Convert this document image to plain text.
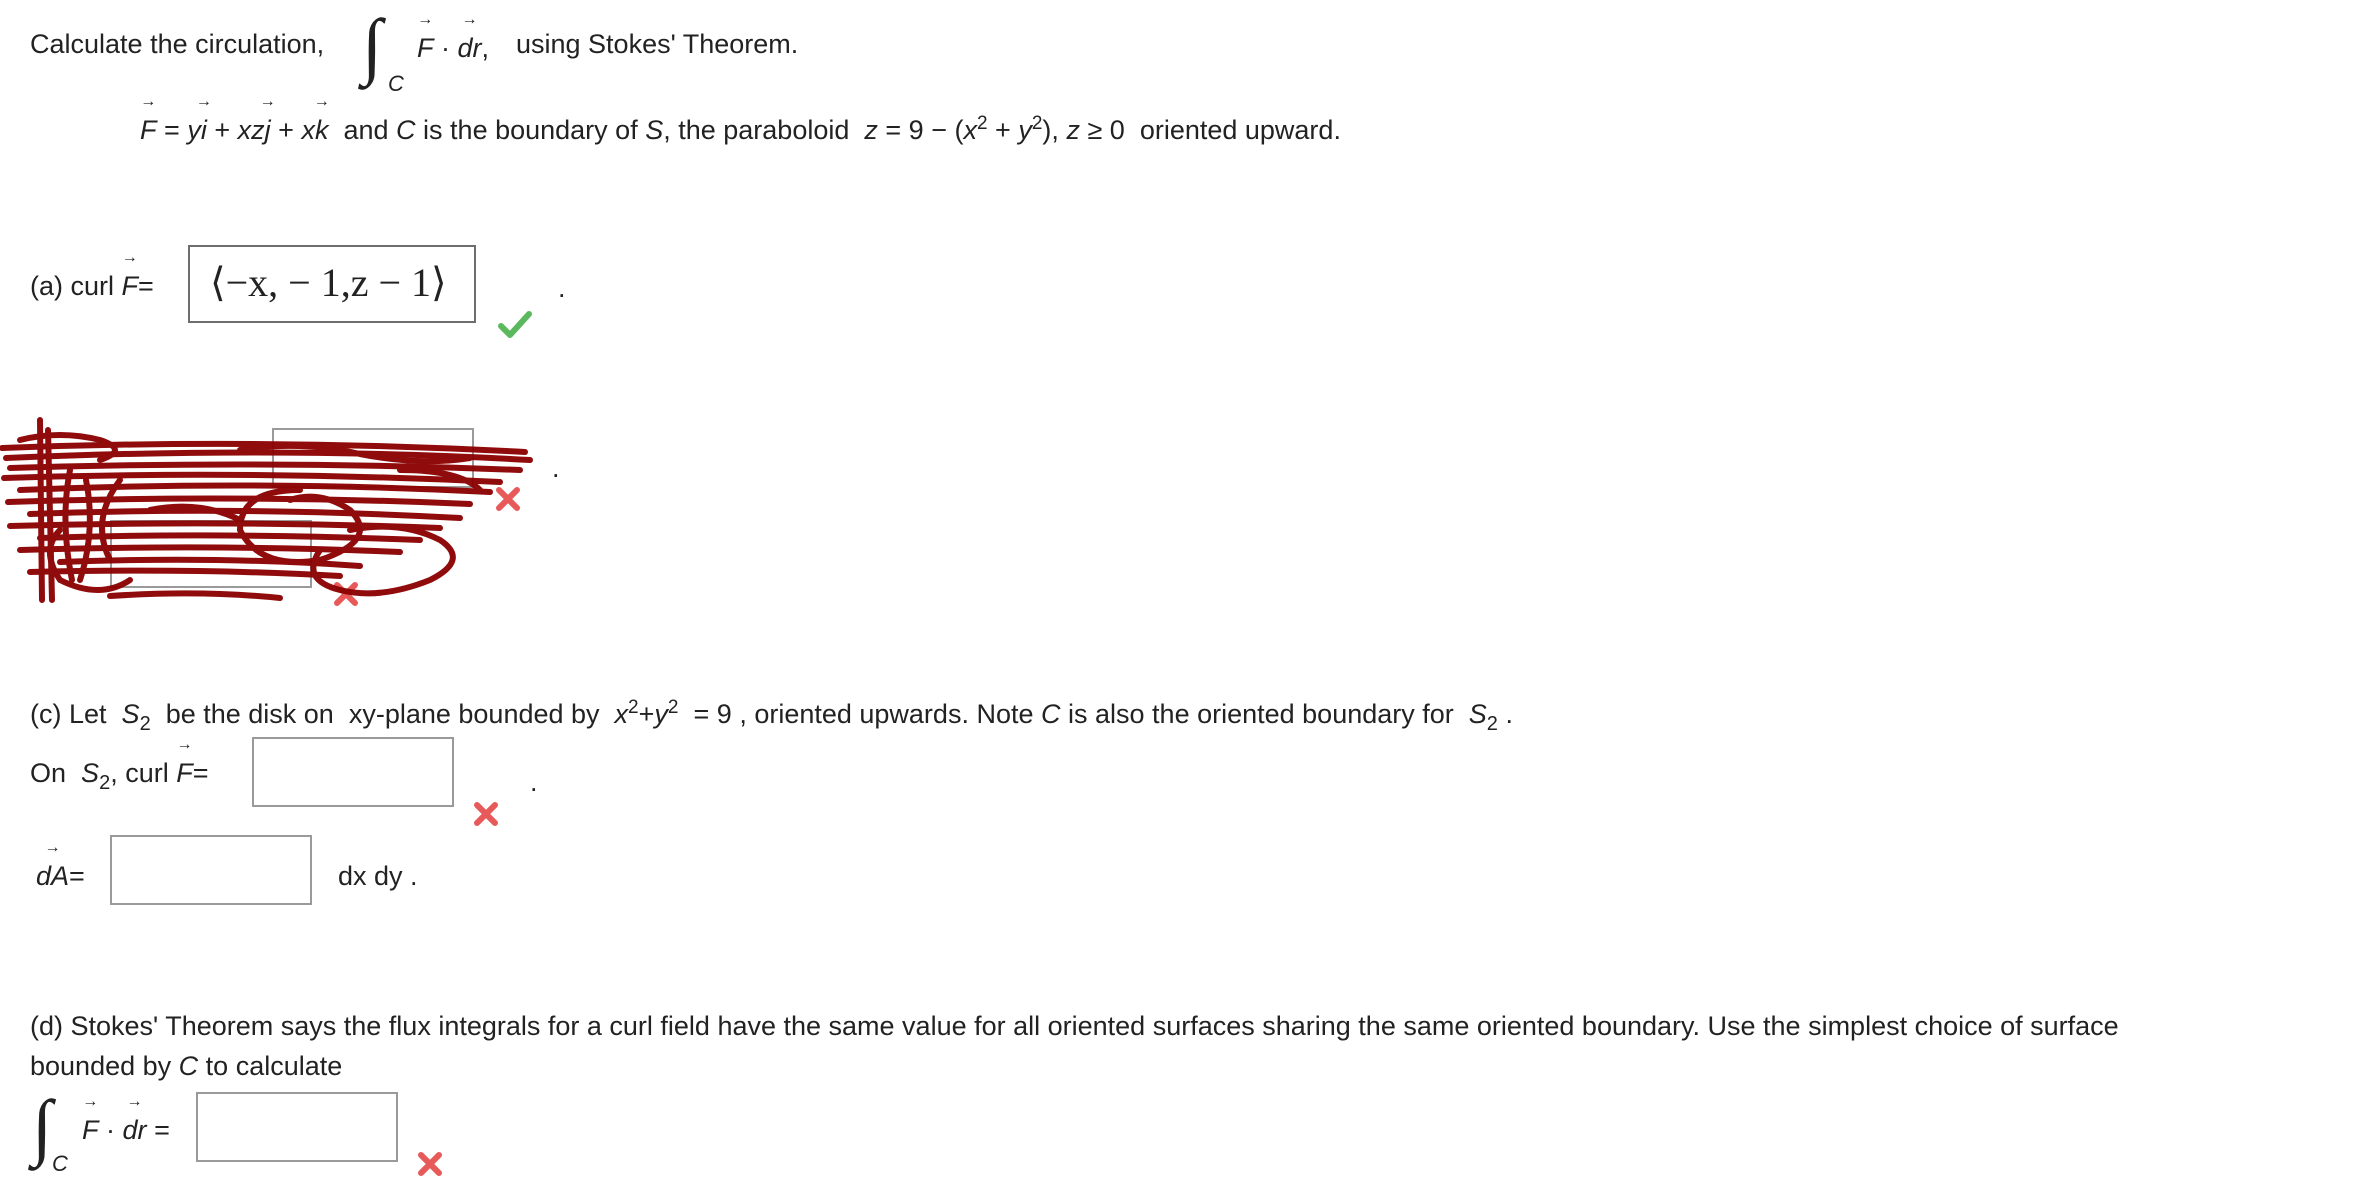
Calculate the circulation, ∫ C
→ F · → dr, using Stokes' Theorem.
→ F = y→ i + xz→ j + x→ k and C is the boundary of S, the paraboloid $z = 9 - (x^2 + y^2)$, z ≥ 0 oriented upward.
(a) curl → F= ⟨−x, − 1,z − 1⟩	.
.
(c) Let $S_2$ be the disk on xy-plane bounded by $x^2+y^2 = 9$ , oriented upwards. Note C is also the oriented boundary for $S_2$ .
On $S_2$, curl → F=	.
→ dA=	dx dy .
(d) Stokes' Theorem says the flux integrals for a curl field have the same value for all oriented surfaces sharing the same oriented boundary. Use the simplest choice of surface
bounded by C to calculate
∫ C
→ F · → dr =
